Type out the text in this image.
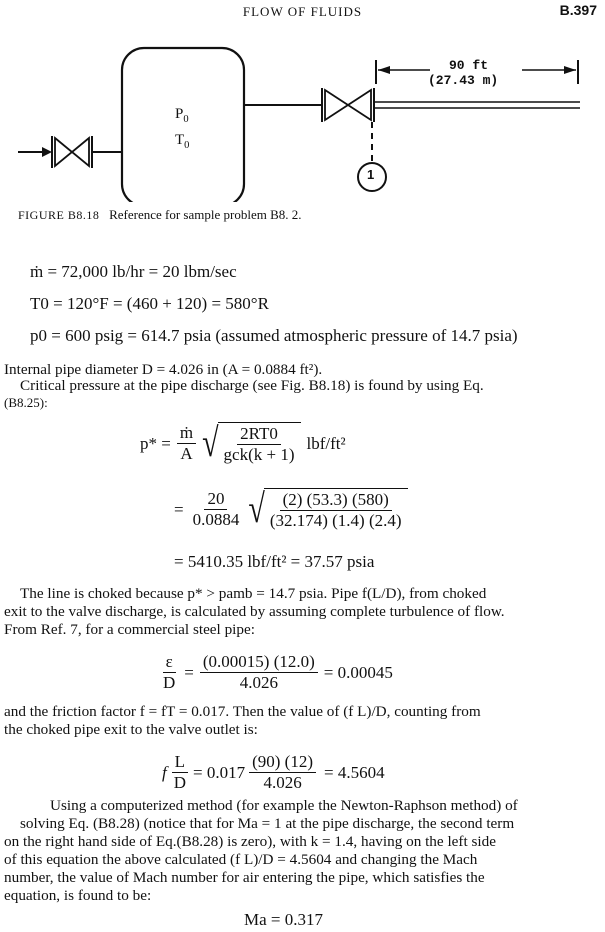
FLOW OF FLUIDS	B.397
$P_0$
$T_0$
90 ft
(27.43 m)
1
FIGURE B8.18 Reference for sample problem B8. 2.
ṁ = 72,000 lb/hr = 20 lbm/sec
T0 = 120°F = (460 + 120) = 580°R
p0 = 600 psig = 614.7 psia (assumed atmospheric pressure of 14.7 psia)
Internal pipe diameter D = 4.026 in (A = 0.0884 ft²).
Critical pressure at the pipe discharge (see Fig. B8.18) is found by using Eq.
(B8.25):
$p* = \frac{\text{ṁ}}{A}$ √ $\frac{2RT0}{\text{gck(k + 1)}} lbf/ft^2$
= $\frac{20}{0.0884}$ √ $\frac{(2) (53.3) (580)}{(32.174) (1.4) (2.4)}$
= 5410.35 lbf/ft² = 37.57 psia
The line is choked because p* > pamb = 14.7 psia. Pipe f(L/D), from choked
exit to the valve discharge, is calculated by assuming complete turbulence of flow.
From Ref. 7, for a commercial steel pipe:
$\frac{\varepsilon}{D} = \frac{(0.00015) (12.0)}{4.026} = 0.00045$
and the friction factor f = fT = 0.017. Then the value of (f L)/D, counting from
the choked pipe exit to the valve outlet is:
f $\frac{L}{D} = 0.017 \frac{(90) (12)}{4.026} = 4.5604$
Using a computerized method (for example the Newton-Raphson method) of
solving Eq. (B8.28) (notice that for Ma = 1 at the pipe discharge, the second term
on the right hand side of Eq.(B8.28) is zero), with k = 1.4, having on the left side
of this equation the above calculated (f L)/D = 4.5604 and changing the Mach
number, the value of Mach number for air entering the pipe, which satisfies the
equation, is found to be:
Ma = 0.317
